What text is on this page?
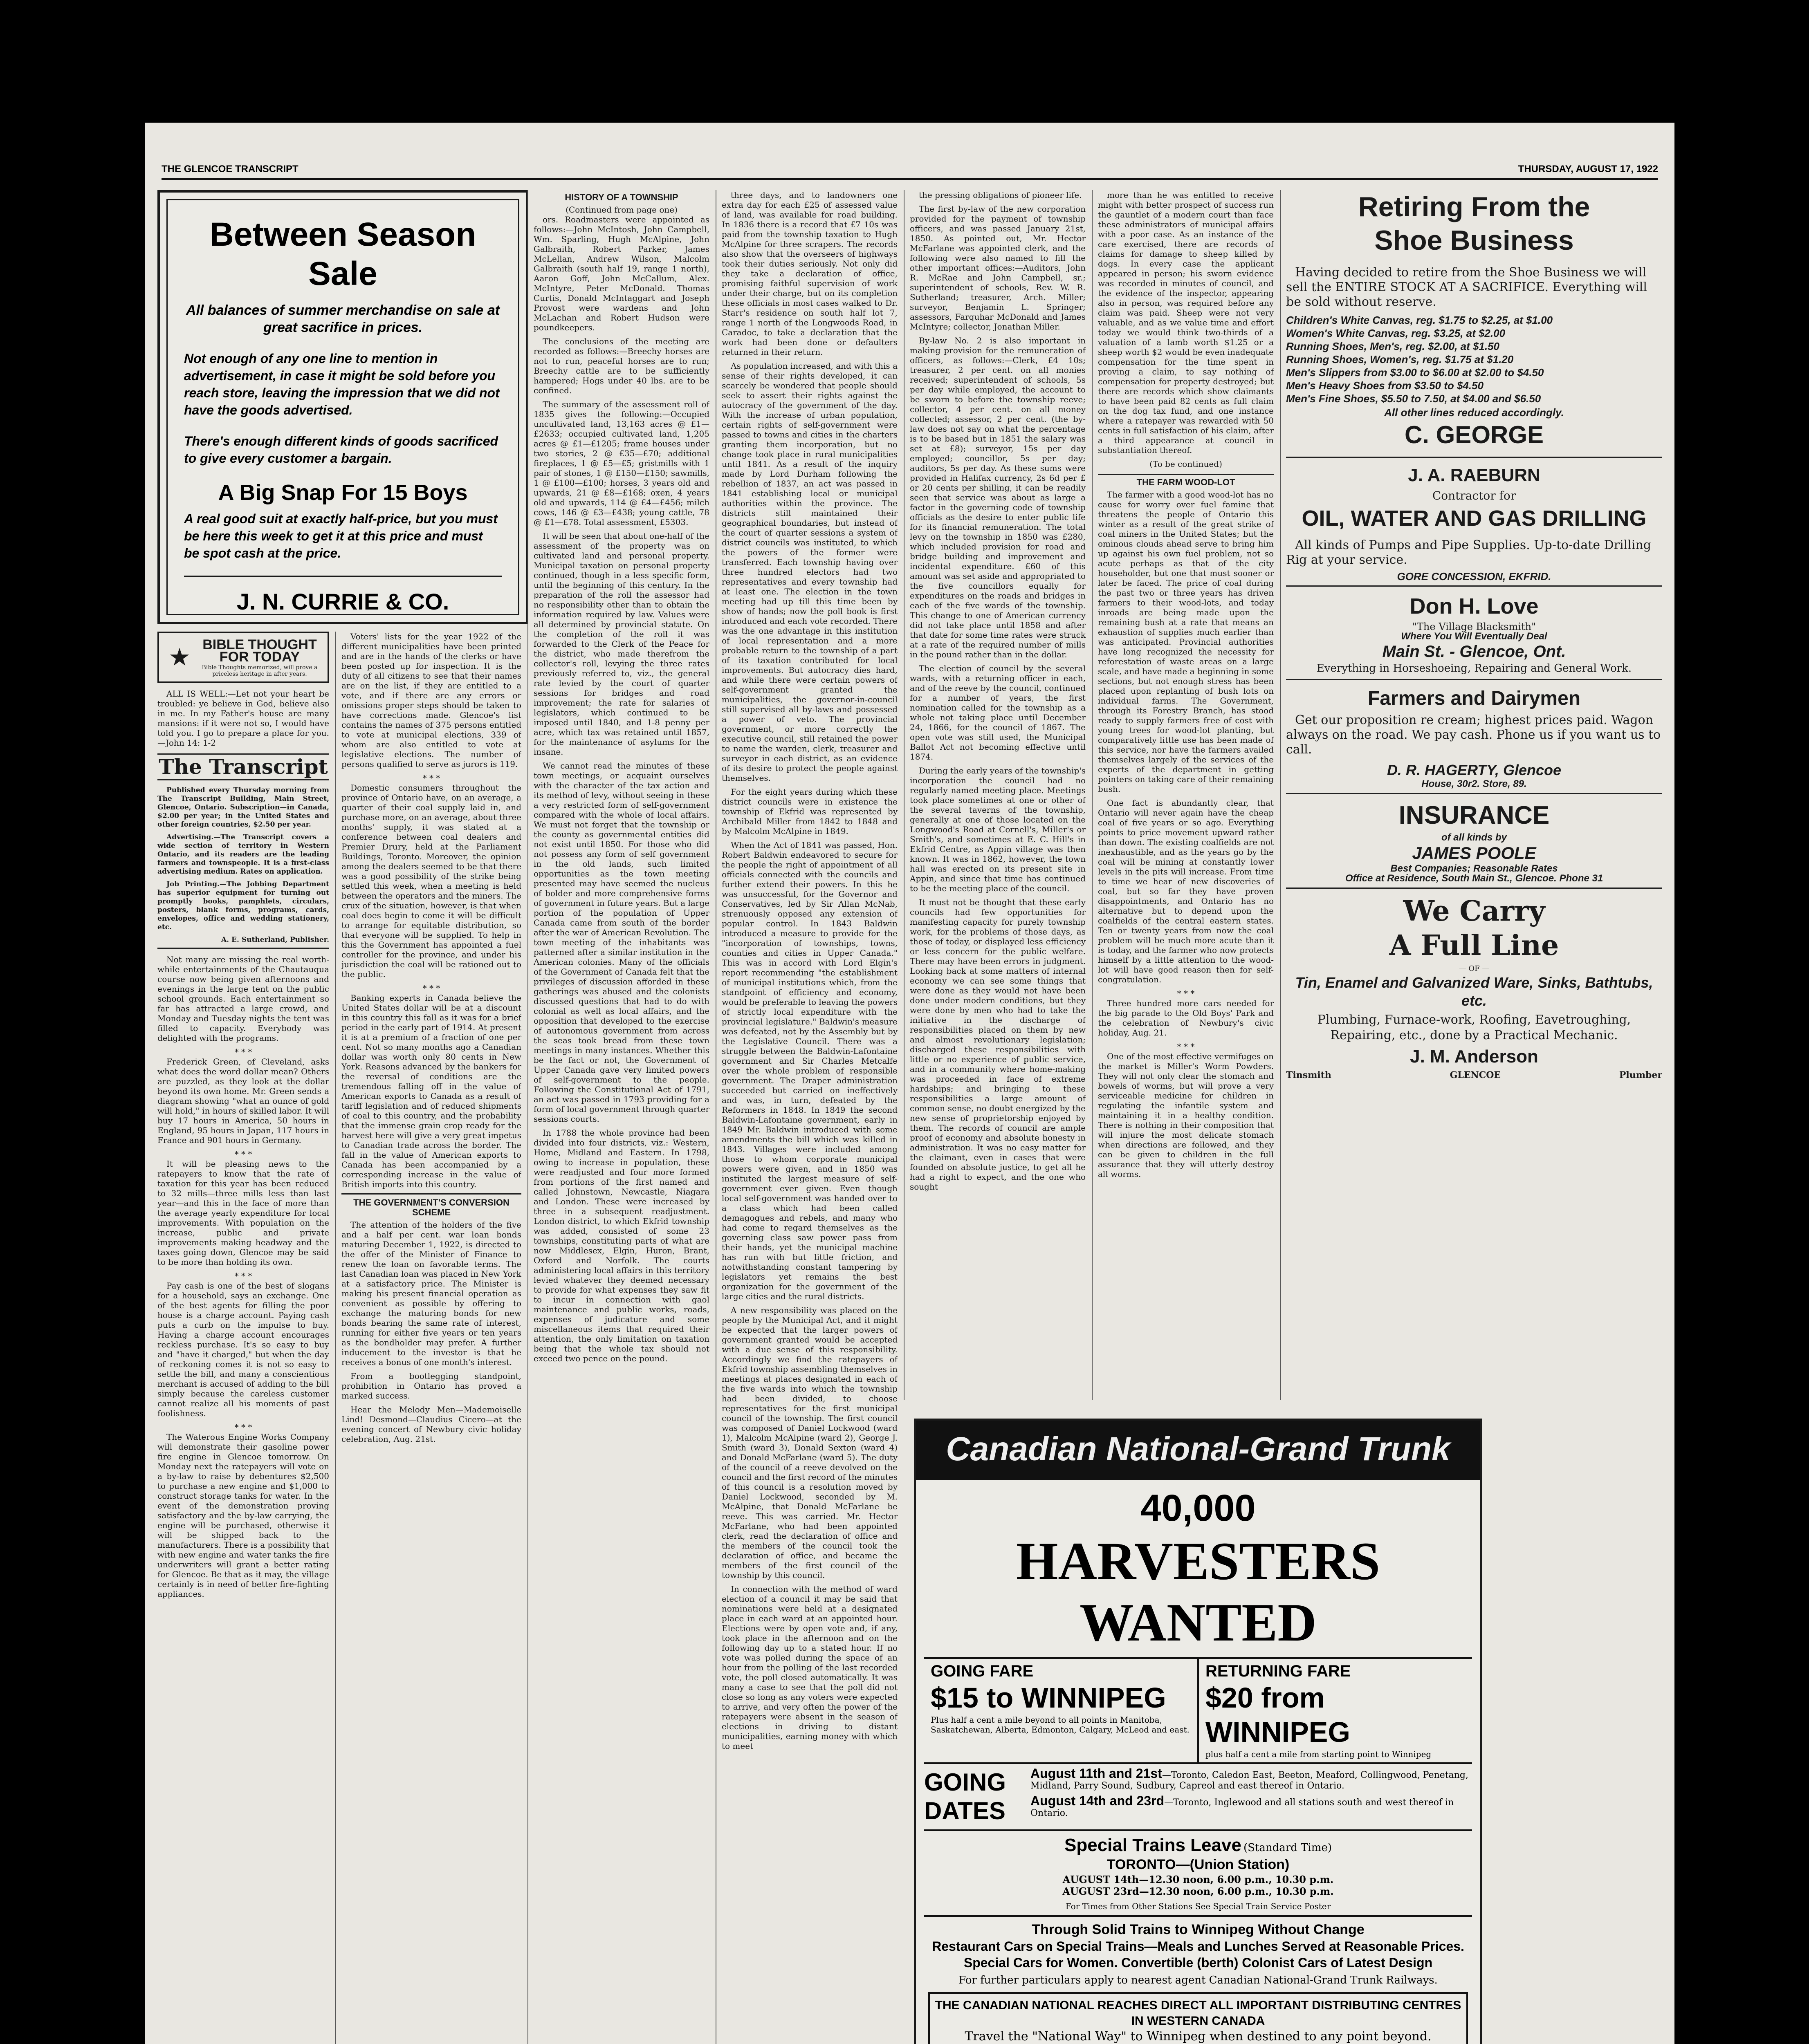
THE GLENCOE TRANSCRIPT	THURSDAY, AUGUST 17, 1922
Between Season Sale
All balances of summer merchandise on sale at great sacrifice in prices.
Not enough of any one line to mention in advertisement, in case it might be sold before you reach store, leaving the impression that we did not have the goods advertised.
There's enough different kinds of goods sacrificed to give every customer a bargain.
A Big Snap For 15 Boys
A real good suit at exactly half-price, but you must be here this week to get it at this price and must be spot cash at the price.
J. N. CURRIE & CO.
★ BIBLE THOUGHT
FOR TODAY
Bible Thoughts memorized, will prove a priceless heritage in after years.

ALL IS WELL:—Let not your heart be troubled: ye believe in God, believe also in me. In my Father's house are many mansions: if it were not so, I would have told you. I go to prepare a place for you.—John 14: 1-2

The Transcript

Published every Thursday morning from The Transcript Building, Main Street, Glencoe, Ontario. Subscription—in Canada, $2.00 per year; in the United States and other foreign countries, $2.50 per year.

Advertising.—The Transcript covers a wide section of territory in Western Ontario, and its readers are the leading farmers and townspeople. It is a first-class advertising medium. Rates on application.

Job Printing.—The Jobbing Department has superior equipment for turning out promptly books, pamphlets, circulars, posters, blank forms, programs, cards, envelopes, office and wedding stationery, etc.

A. E. Sutherland, Publisher.

Not many are missing the real worth-while entertainments of the Chautauqua course now being given afternoons and evenings in the large tent on the public school grounds. Each entertainment so far has attracted a large crowd, and Monday and Tuesday nights the tent was filled to capacity. Everybody was delighted with the programs.

* * *

Frederick Green, of Cleveland, asks what does the word dollar mean? Others are puzzled, as they look at the dollar beyond its own home. Mr. Green sends a diagram showing "what an ounce of gold will hold," in hours of skilled labor. It will buy 17 hours in America, 50 hours in England, 95 hours in Japan, 117 hours in France and 901 hours in Germany.

* * *

It will be pleasing news to the ratepayers to know that the rate of taxation for this year has been reduced to 32 mills—three mills less than last year—and this in the face of more than the average yearly expenditure for local improvements. With population on the increase, public and private improvements making headway and the taxes going down, Glencoe may be said to be more than holding its own.

* * *

Pay cash is one of the best of slogans for a household, says an exchange. One of the best agents for filling the poor house is a charge account. Paying cash puts a curb on the impulse to buy. Having a charge account encourages reckless purchase. It's so easy to buy and "have it charged," but when the day of reckoning comes it is not so easy to settle the bill, and many a conscientious merchant is accused of adding to the bill simply because the careless customer cannot realize all his moments of past foolishness.

* * *

The Waterous Engine Works Company will demonstrate their gasoline power fire engine in Glencoe tomorrow. On Monday next the ratepayers will vote on a by-law to raise by debentures $2,500 to purchase a new engine and $1,000 to construct storage tanks for water. In the event of the demonstration proving satisfactory and the by-law carrying, the engine will be purchased, otherwise it will be shipped back to the manufacturers. There is a possibility that with new engine and water tanks the fire underwriters will grant a better rating for Glencoe. Be that as it may, the village certainly is in need of better fire-fighting appliances.

Voters' lists for the year 1922 of the different municipalities have been printed and are in the hands of the clerks or have been posted up for inspection. It is the duty of all citizens to see that their names are on the list, if they are entitled to a vote, and if there are any errors or omissions proper steps should be taken to have corrections made. Glencoe's list contains the names of 375 persons entitled to vote at municipal elections, 339 of whom are also entitled to vote at legislative elections. The number of persons qualified to serve as jurors is 119.

* * *

Domestic consumers throughout the province of Ontario have, on an average, a quarter of their coal supply laid in, and purchase more, on an average, about three months' supply, it was stated at a conference between coal dealers and Premier Drury, held at the Parliament Buildings, Toronto. Moreover, the opinion among the dealers seemed to be that there was a good possibility of the strike being settled this week, when a meeting is held between the operators and the miners. The crux of the situation, however, is that when coal does begin to come it will be difficult to arrange for equitable distribution, so that everyone will be supplied. To help in this the Government has appointed a fuel controller for the province, and under his jurisdiction the coal will be rationed out to the public.

* * *

Banking experts in Canada believe the United States dollar will be at a discount in this country this fall as it was for a brief period in the early part of 1914. At present it is at a premium of a fraction of one per cent. Not so many months ago a Canadian dollar was worth only 80 cents in New York. Reasons advanced by the bankers for the reversal of conditions are the tremendous falling off in the value of American exports to Canada as a result of tariff legislation and of reduced shipments of coal to this country, and the probability that the immense grain crop ready for the harvest here will give a very great impetus to Canadian trade across the border. The fall in the value of American exports to Canada has been accompanied by a corresponding increase in the value of British imports into this country.

THE GOVERNMENT'S CONVERSION SCHEME

The attention of the holders of the five and a half per cent. war loan bonds maturing December 1, 1922, is directed to the offer of the Minister of Finance to renew the loan on favorable terms. The last Canadian loan was placed in New York at a satisfactory price. The Minister is making his present financial operation as convenient as possible by offering to exchange the maturing bonds for new bonds bearing the same rate of interest, running for either five years or ten years as the bondholder may prefer. A further inducement to the investor is that he receives a bonus of one month's interest.

From a bootlegging standpoint, prohibition in Ontario has proved a marked success.

Hear the Melody Men—Mademoiselle Lind! Desmond—Claudius Cicero—at the evening concert of Newbury civic holiday celebration, Aug. 21st.

HISTORY OF A TOWNSHIP
(Continued from page one)

ors. Roadmasters were appointed as follows:—John McIntosh, John Campbell, Wm. Sparling, Hugh McAlpine, John Galbraith, Robert Parker, James McLellan, Andrew Wilson, Malcolm Galbraith (south half 19, range 1 north), Aaron Goff, John McCallum, Alex. McIntyre, Peter McDonald. Thomas Curtis, Donald McIntaggart and Joseph Provost were wardens and John McLachan and Robert Hudson were poundkeepers.

The conclusions of the meeting are recorded as follows:—Breechy horses are not to run, peaceful horses are to run; Breechy cattle are to be sufficiently hampered; Hogs under 40 lbs. are to be confined.

The summary of the assessment roll of 1835 gives the following:—Occupied uncultivated land, 13,163 acres @ £1—£2633; occupied cultivated land, 1,205 acres @ £1—£1205; frame houses under two stories, 2 @ £35—£70; additional fireplaces, 1 @ £5—£5; gristmills with 1 pair of stones, 1 @ £150—£150; sawmills, 1 @ £100—£100; horses, 3 years old and upwards, 21 @ £8—£168; oxen, 4 years old and upwards, 114 @ £4—£456; milch cows, 146 @ £3—£438; young cattle, 78 @ £1—£78. Total assessment, £5303.

It will be seen that about one-half of the assessment of the property was on cultivated land and personal property. Municipal taxation on personal property continued, though in a less specific form, until the beginning of this century. In the preparation of the roll the assessor had no responsibility other than to obtain the information required by law. Values were all determined by provincial statute. On the completion of the roll it was forwarded to the Clerk of the Peace for the district, who made therefrom the collector's roll, levying the three rates previously referred to, viz., the general rate levied by the court of quarter sessions for bridges and road improvement; the rate for salaries of legislators, which continued to be imposed until 1840, and 1-8 penny per acre, which tax was retained until 1857, for the maintenance of asylums for the insane.

We cannot read the minutes of these town meetings, or acquaint ourselves with the character of the tax action and its method of levy, without seeing in these a very restricted form of self-government compared with the whole of local affairs. We must not forget that the township or the county as governmental entities did not exist until 1850. For those who did not possess any form of self government in the old lands, such limited opportunities as the town meeting presented may have seemed the nucleus of bolder and more comprehensive forms of government in future years. But a large portion of the population of Upper Canada came from south of the border after the war of American Revolution. The town meeting of the inhabitants was patterned after a similar institution in the American colonies. Many of the officials of the Government of Canada felt that the privileges of discussion afforded in these gatherings was abused and the colonists discussed questions that had to do with colonial as well as local affairs, and the opposition that developed to the exercise of autonomous government from across the seas took bread from these town meetings in many instances. Whether this be the fact or not, the Government of Upper Canada gave very limited powers of self-government to the people. Following the Constitutional Act of 1791, an act was passed in 1793 providing for a form of local government through quarter sessions courts.

In 1788 the whole province had been divided into four districts, viz.: Western, Home, Midland and Eastern. In 1798, owing to increase in population, these were readjusted and four more formed from portions of the first named and called Johnstown, Newcastle, Niagara and London. These were increased by three in a subsequent readjustment. London district, to which Ekfrid township was added, consisted of some 23 townships, constituting parts of what are now Middlesex, Elgin, Huron, Brant, Oxford and Norfolk. The courts administering local affairs in this territory levied whatever they deemed necessary to provide for what expenses they saw fit to incur in connection with gaol maintenance and public works, roads, expenses of judicature and some miscellaneous items that required their attention, the only limitation on taxation being that the whole tax should not exceed two pence on the pound.

three days, and to landowners one extra day for each £25 of assessed value of land, was available for road building. In 1836 there is a record that £7 10s was paid from the township taxation to Hugh McAlpine for three scrapers. The records also show that the overseers of highways took their duties seriously. Not only did they take a declaration of office, promising faithful supervision of work under their charge, but on its completion these officials in most cases walked to Dr. Starr's residence on south half lot 7, range 1 north of the Longwoods Road, in Caradoc, to take a declaration that the work had been done or defaulters returned in their return.

As population increased, and with this a sense of their rights developed, it can scarcely be wondered that people should seek to assert their rights against the autocracy of the government of the day. With the increase of urban population, certain rights of self-government were passed to towns and cities in the charters granting them incorporation, but no change took place in rural municipalities until 1841. As a result of the inquiry made by Lord Durham following the rebellion of 1837, an act was passed in 1841 establishing local or municipal authorities within the province. The districts still maintained their geographical boundaries, but instead of the court of quarter sessions a system of district councils was instituted, to which the powers of the former were transferred. Each township having over three hundred electors had two representatives and every township had at least one. The election in the town meeting had up till this time been by show of hands; now the poll book is first introduced and each vote recorded. There was the one advantage in this institution of local representation and a more probable return to the township of a part of its taxation contributed for local improvements. But autocracy dies hard, and while there were certain powers of self-government granted the municipalities, the governor-in-council still supervised all by-laws and possessed a power of veto. The provincial government, or more correctly the executive council, still retained the power to name the warden, clerk, treasurer and surveyor in each district, as an evidence of its desire to protect the people against themselves.

For the eight years during which these district councils were in existence the township of Ekfrid was represented by Archibald Miller from 1842 to 1848 and by Malcolm McAlpine in 1849.

When the Act of 1841 was passed, Hon. Robert Baldwin endeavored to secure for the people the right of appointment of all officials connected with the councils and further extend their powers. In this he was unsuccessful, for the Governor and Conservatives, led by Sir Allan McNab, strenuously opposed any extension of popular control. In 1843 Baldwin introduced a measure to provide for the "incorporation of townships, towns, counties and cities in Upper Canada." This was in accord with Lord Elgin's report recommending "the establishment of municipal institutions which, from the standpoint of efficiency and economy, would be preferable to leaving the powers of strictly local expenditure with the provincial legislature." Baldwin's measure was defeated, not by the Assembly but by the Legislative Council. There was a struggle between the Baldwin-Lafontaine government and Sir Charles Metcalfe over the whole problem of responsible government. The Draper administration succeeded but carried on ineffectively and was, in turn, defeated by the Reformers in 1848. In 1849 the second Baldwin-Lafontaine government, early in 1849 Mr. Baldwin introduced with some amendments the bill which was killed in 1843. Villages were included among those to whom corporate municipal powers were given, and in 1850 was instituted the largest measure of self-government ever given. Even though local self-government was handed over to a class which had been called demagogues and rebels, and many who had come to regard themselves as the governing class saw power pass from their hands, yet the municipal machine has run with but little friction, and notwithstanding constant tampering by legislators yet remains the best organization for the government of the large cities and the rural districts.

A new responsibility was placed on the people by the Municipal Act, and it might be expected that the larger powers of government granted would be accepted with a due sense of this responsibility. Accordingly we find the ratepayers of Ekfrid township assembling themselves in meetings at places designated in each of the five wards into which the township had been divided, to choose representatives for the first municipal council of the township. The first council was composed of Daniel Lockwood (ward 1), Malcolm McAlpine (ward 2), George J. Smith (ward 3), Donald Sexton (ward 4) and Donald McFarlane (ward 5). The duty of the council of a reeve devolved on the council and the first record of the minutes of this council is a resolution moved by Daniel Lockwood, seconded by M. McAlpine, that Donald McFarlane be reeve. This was carried. Mr. Hector McFarlane, who had been appointed clerk, read the declaration of office and the members of the council took the declaration of office, and became the members of the first council of the township by this council.

In connection with the method of ward election of a council it may be said that nominations were held at a designated place in each ward at an appointed hour. Elections were by open vote and, if any, took place in the afternoon and on the following day up to a stated hour. If no vote was polled during the space of an hour from the polling of the last recorded vote, the poll closed automatically. It was many a case to see that the poll did not close so long as any voters were expected to arrive, and very often the power of the ratepayers were absent in the season of elections in driving to distant municipalities, earning money with which to meet

the pressing obligations of pioneer life.

The first by-law of the new corporation provided for the payment of township officers, and was passed January 21st, 1850. As pointed out, Mr. Hector McFarlane was appointed clerk, and the following were also named to fill the other important offices:—Auditors, John R. McRae and John Campbell, sr.; superintendent of schools, Rev. W. R. Sutherland; treasurer, Arch. Miller; surveyor, Benjamin L. Springer; assessors, Farquhar McDonald and James McIntyre; collector, Jonathan Miller.

By-law No. 2 is also important in making provision for the remuneration of officers, as follows:—Clerk, £4 10s; treasurer, 2 per cent. on all monies received; superintendent of schools, 5s per day while employed, the account to be sworn to before the township reeve; collector, 4 per cent. on all money collected; assessor, 2 per cent. (the by-law does not say on what the percentage is to be based but in 1851 the salary was set at £8); surveyor, 15s per day employed; councillor, 5s per day; auditors, 5s per day. As these sums were provided in Halifax currency, 2s 6d per £ or 20 cents per shilling, it can be readily seen that service was about as large a factor in the governing code of township officials as the desire to enter public life for its financial remuneration. The total levy on the township in 1850 was £280, which included provision for road and bridge building and improvement and incidental expenditure. £60 of this amount was set aside and appropriated to the five councillors equally for expenditures on the roads and bridges in each of the five wards of the township. This change to one of American currency did not take place until 1858 and after that date for some time rates were struck at a rate of the required number of mills in the pound rather than in the dollar.

The election of council by the several wards, with a returning officer in each, and of the reeve by the council, continued for a number of years, the first nomination called for the township as a whole not taking place until December 24, 1866, for the council of 1867. The open vote was still used, the Municipal Ballot Act not becoming effective until 1874.

During the early years of the township's incorporation the council had no regularly named meeting place. Meetings took place sometimes at one or other of the several taverns of the township, generally at one of those located on the Longwood's Road at Cornell's, Miller's or Smith's, and sometimes at E. C. Hill's in Ekfrid Centre, as Appin village was then known. It was in 1862, however, the town hall was erected on its present site in Appin, and since that time has continued to be the meeting place of the council.

It must not be thought that these early councils had few opportunities for manifesting capacity for purely township work, for the problems of those days, as those of today, or displayed less efficiency or less concern for the public welfare. There may have been errors in judgment. Looking back at some matters of internal economy we can see some things that were done as they would not have been done under modern conditions, but they were done by men who had to take the initiative in the discharge of responsibilities placed on them by new and almost revolutionary legislation; discharged these responsibilities with little or no experience of public service, and in a community where home-making was proceeded in face of extreme hardships; and bringing to these responsibilities a large amount of common sense, no doubt energized by the new sense of proprietorship enjoyed by them. The records of council are ample proof of economy and absolute honesty in administration. It was no easy matter for the claimant, even in cases that were founded on absolute justice, to get all he had a right to expect, and the one who sought

more than he was entitled to receive might with better prospect of success run the gauntlet of a modern court than face these administrators of municipal affairs with a poor case. As an instance of the care exercised, there are records of claims for damage to sheep killed by dogs. In every case the applicant appeared in person; his sworn evidence was recorded in minutes of council, and the evidence of the inspector, appearing also in person, was required before any claim was paid. Sheep were not very valuable, and as we value time and effort today we would think two-thirds of a valuation of a lamb worth $1.25 or a sheep worth $2 would be even inadequate compensation for the time spent in proving a claim, to say nothing of compensation for property destroyed; but there are records which show claimants to have been paid 82 cents as full claim on the dog tax fund, and one instance where a ratepayer was rewarded with 50 cents in full satisfaction of his claim, after a third appearance at council in substantiation thereof.

(To be continued)
THE FARM WOOD-LOT

The farmer with a good wood-lot has no cause for worry over fuel famine that threatens the people of Ontario this winter as a result of the great strike of coal miners in the United States; but the ominous clouds ahead serve to bring him up against his own fuel problem, not so acute perhaps as that of the city householder, but one that must sooner or later be faced. The price of coal during the past two or three years has driven farmers to their wood-lots, and today inroads are being made upon the remaining bush at a rate that means an exhaustion of supplies much earlier than was anticipated. Provincial authorities have long recognized the necessity for reforestation of waste areas on a large scale, and have made a beginning in some sections, but not enough stress has been placed upon replanting of bush lots on individual farms. The Government, through its Forestry Branch, has stood ready to supply farmers free of cost with young trees for wood-lot planting, but comparatively little use has been made of this service, nor have the farmers availed themselves largely of the services of the experts of the department in getting pointers on taking care of their remaining bush.

One fact is abundantly clear, that Ontario will never again have the cheap coal of five years or so ago. Everything points to price movement upward rather than down. The existing coalfields are not inexhaustible, and as the years go by the coal will be mining at constantly lower levels in the pits will increase. From time to time we hear of new discoveries of coal, but so far they have proven disappointments, and Ontario has no alternative but to depend upon the coalfields of the central eastern states. Ten or twenty years from now the coal problem will be much more acute than it is today, and the farmer who now protects himself by a little attention to the wood-lot will have good reason then for self-congratulation.

* * *

Three hundred more cars needed for the big parade to the Old Boys' Park and the celebration of Newbury's civic holiday, Aug. 21.

* * *

One of the most effective vermifuges on the market is Miller's Worm Powders. They will not only clear the stomach and bowels of worms, but will prove a very serviceable medicine for children in regulating the infantile system and maintaining it in a healthy condition. There is nothing in their composition that will injure the most delicate stomach when directions are followed, and they can be given to children in the full assurance that they will utterly destroy all worms.

Retiring From the Shoe Business

Having decided to retire from the Shoe Business we will sell the ENTIRE STOCK AT A SACRIFICE. Everything will be sold without reserve.

Children's White Canvas, reg. $1.75 to $2.25, at $1.00
Women's White Canvas, reg. $3.25, at $2.00
Running Shoes, Men's, reg. $2.00, at $1.50
Running Shoes, Women's, reg. $1.75 at $1.20
Men's Slippers from $3.00 to $6.00 at $2.00 to $4.50
Men's Heavy Shoes from $3.50 to $4.50
Men's Fine Shoes, $5.50 to 7.50, at $4.00 and $6.50
All other lines reduced accordingly.
C. GEORGE
J. A. RAEBURN
Contractor for
OIL, WATER AND GAS DRILLING

All kinds of Pumps and Pipe Supplies. Up-to-date Drilling Rig at your service.

GORE CONCESSION, EKFRID.
Don H. Love
"The Village Blacksmith"
Where You Will Eventually Deal
Main St. - Glencoe, Ont.
Everything in Horseshoeing, Repairing and General Work.
Farmers and Dairymen

Get our proposition re cream; highest prices paid. Wagon always on the road. We pay cash. Phone us if you want us to call.

D. R. HAGERTY, Glencoe
House, 30r2. Store, 89.
INSURANCE
of all kinds by
JAMES POOLE
Best Companies; Reasonable Rates
Office at Residence, South Main St., Glencoe. Phone 31
We Carry
A Full Line
— OF —
Tin, Enamel and Galvanized Ware, Sinks, Bathtubs, etc.
Plumbing, Furnace-work, Roofing, Eavetroughing, Repairing, etc., done by a Practical Mechanic.
J. M. Anderson
Tinsmith	GLENCOE	Plumber
Canadian National-Grand Trunk
40,000
HARVESTERS WANTED
GOING FARE
$15 to WINNIPEG
Plus half a cent a mile beyond to all points in Manitoba, Saskatchewan, Alberta, Edmonton, Calgary, McLeod and east.
RETURNING FARE
$20 from WINNIPEG
plus half a cent a mile from starting point to Winnipeg
GOING DATES
August 11th and 21st—Toronto, Caledon East, Beeton, Meaford, Collingwood, Penetang, Midland, Parry Sound, Sudbury, Capreol and east thereof in Ontario.
August 14th and 23rd—Toronto, Inglewood and all stations south and west thereof in Ontario.
Special Trains Leave (Standard Time)
TORONTO—(Union Station)
AUGUST 14th—12.30 noon, 6.00 p.m., 10.30 p.m.
AUGUST 23rd—12.30 noon, 6.00 p.m., 10.30 p.m.
For Times from Other Stations See Special Train Service Poster
Through Solid Trains to Winnipeg Without Change
Restaurant Cars on Special Trains—Meals and Lunches Served at Reasonable Prices. Special Cars for Women. Convertible (berth) Colonist Cars of Latest Design
For further particulars apply to nearest agent Canadian National-Grand Trunk Railways.
THE CANADIAN NATIONAL REACHES DIRECT ALL IMPORTANT DISTRIBUTING CENTRES IN WESTERN CANADA
Travel the "National Way" to Winnipeg when destined to any point beyond.
